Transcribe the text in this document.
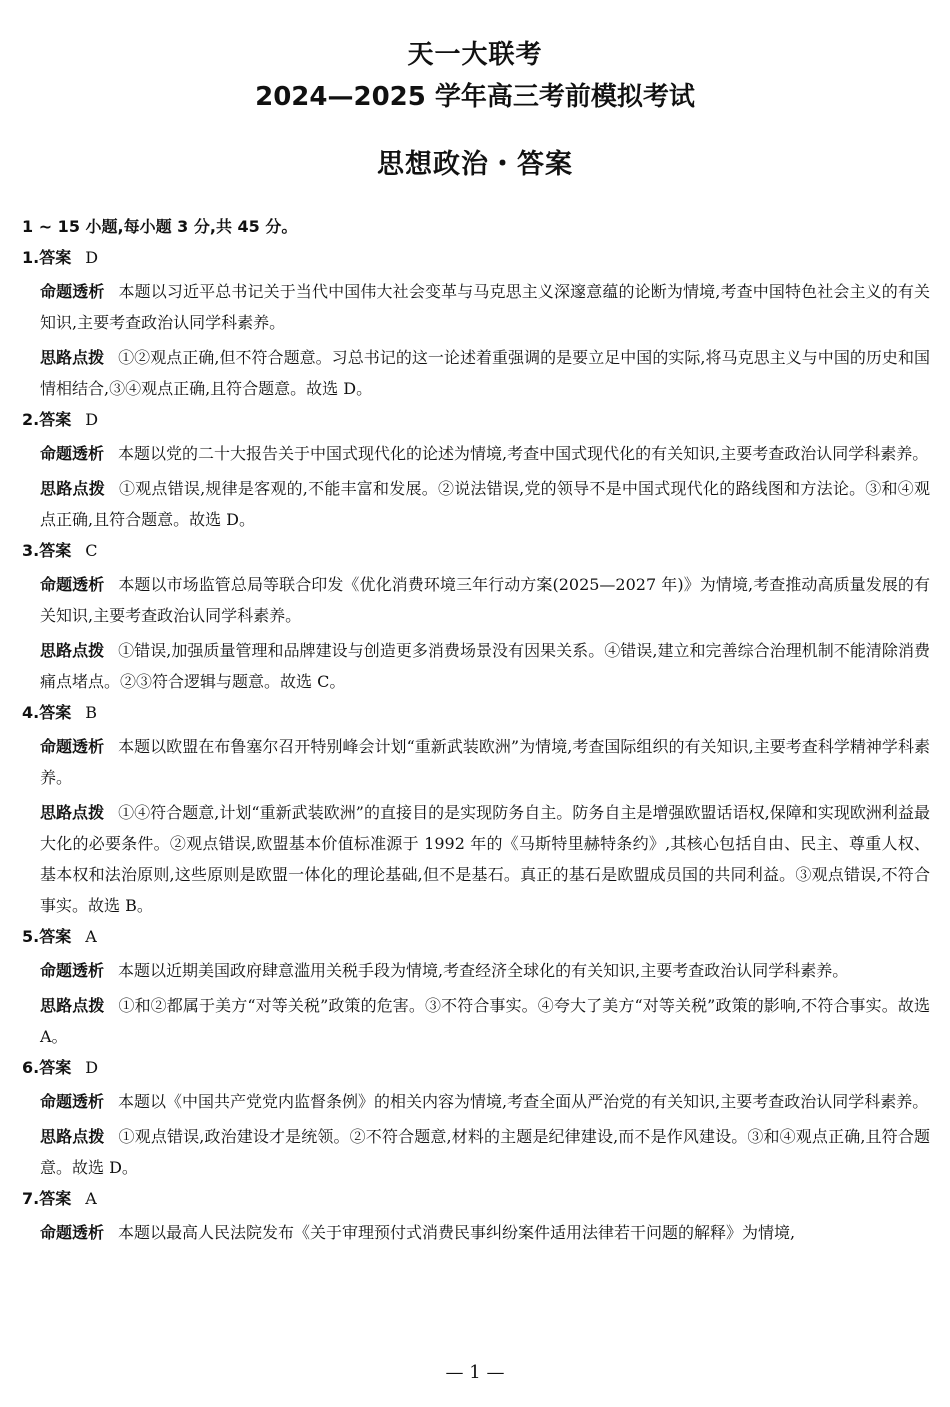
天一大联考
2024—2025 学年高三考前模拟考试
思想政治・答案
1 ~ 15 小题,每小题 3 分,共 45 分。
1.答案 D
命题透析 本题以习近平总书记关于当代中国伟大社会变革与马克思主义深邃意蕴的论断为情境,考查中国特色社会主义的有关知识,主要考查政治认同学科素养。
思路点拨 ①②观点正确,但不符合题意。习总书记的这一论述着重强调的是要立足中国的实际,将马克思主义与中国的历史和国情相结合,③④观点正确,且符合题意。故选 D。
2.答案 D
命题透析 本题以党的二十大报告关于中国式现代化的论述为情境,考查中国式现代化的有关知识,主要考查政治认同学科素养。
思路点拨 ①观点错误,规律是客观的,不能丰富和发展。②说法错误,党的领导不是中国式现代化的路线图和方法论。③和④观点正确,且符合题意。故选 D。
3.答案 C
命题透析 本题以市场监管总局等联合印发《优化消费环境三年行动方案(2025—2027 年)》为情境,考查推动高质量发展的有关知识,主要考查政治认同学科素养。
思路点拨 ①错误,加强质量管理和品牌建设与创造更多消费场景没有因果关系。④错误,建立和完善综合治理机制不能清除消费痛点堵点。②③符合逻辑与题意。故选 C。
4.答案 B
命题透析 本题以欧盟在布鲁塞尔召开特别峰会计划“重新武装欧洲”为情境,考查国际组织的有关知识,主要考查科学精神学科素养。
思路点拨 ①④符合题意,计划“重新武装欧洲”的直接目的是实现防务自主。防务自主是增强欧盟话语权,保障和实现欧洲利益最大化的必要条件。②观点错误,欧盟基本价值标准源于 1992 年的《马斯特里赫特条约》,其核心包括自由、民主、尊重人权、基本权和法治原则,这些原则是欧盟一体化的理论基础,但不是基石。真正的基石是欧盟成员国的共同利益。③观点错误,不符合事实。故选 B。
5.答案 A
命题透析 本题以近期美国政府肆意滥用关税手段为情境,考查经济全球化的有关知识,主要考查政治认同学科素养。
思路点拨 ①和②都属于美方“对等关税”政策的危害。③不符合事实。④夸大了美方“对等关税”政策的影响,不符合事实。故选 A。
6.答案 D
命题透析 本题以《中国共产党党内监督条例》的相关内容为情境,考查全面从严治党的有关知识,主要考查政治认同学科素养。
思路点拨 ①观点错误,政治建设才是统领。②不符合题意,材料的主题是纪律建设,而不是作风建设。③和④观点正确,且符合题意。故选 D。
7.答案 A
命题透析 本题以最高人民法院发布《关于审理预付式消费民事纠纷案件适用法律若干问题的解释》为情境,
— 1 —
